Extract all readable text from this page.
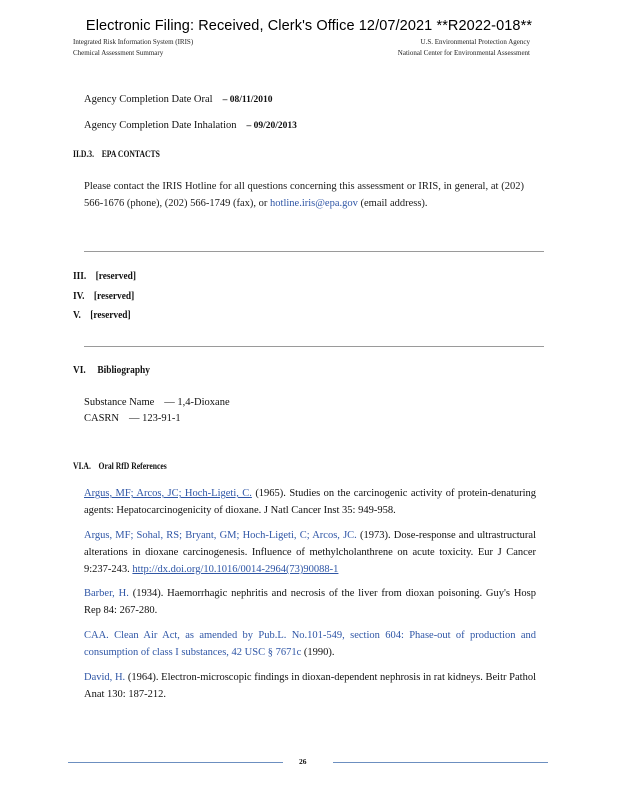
Electronic Filing: Received, Clerk's Office 12/07/2021 **R2022-018**
Integrated Risk Information System (IRIS)
Chemical Assessment Summary
U.S. Environmental Protection Agency
National Center for Environmental Assessment
Agency Completion Date Oral – 08/11/2010
Agency Completion Date Inhalation – 09/20/2013
II.D.3. EPA CONTACTS
Please contact the IRIS Hotline for all questions concerning this assessment or IRIS, in general, at (202) 566-1676 (phone), (202) 566-1749 (fax), or hotline.iris@epa.gov (email address).
III. [reserved]
IV. [reserved]
V. [reserved]
VI. Bibliography
Substance Name — 1,4-Dioxane
CASRN — 123-91-1
VI.A. Oral RfD References
Argus, MF; Arcos, JC; Hoch-Ligeti, C. (1965). Studies on the carcinogenic activity of protein-denaturing agents: Hepatocarcinogenicity of dioxane. J Natl Cancer Inst 35: 949-958.
Argus, MF; Sohal, RS; Bryant, GM; Hoch-Ligeti, C; Arcos, JC. (1973). Dose-response and ultrastructural alterations in dioxane carcinogenesis. Influence of methylcholanthrene on acute toxicity. Eur J Cancer 9:237-243. http://dx.doi.org/10.1016/0014-2964(73)90088-1
Barber, H. (1934). Haemorrhagic nephritis and necrosis of the liver from dioxan poisoning. Guy's Hosp Rep 84: 267-280.
CAA. Clean Air Act, as amended by Pub.L. No.101-549, section 604: Phase-out of production and consumption of class I substances, 42 USC § 7671c (1990).
David, H. (1964). Electron-microscopic findings in dioxan-dependent nephrosis in rat kidneys. Beitr Pathol Anat 130: 187-212.
26
